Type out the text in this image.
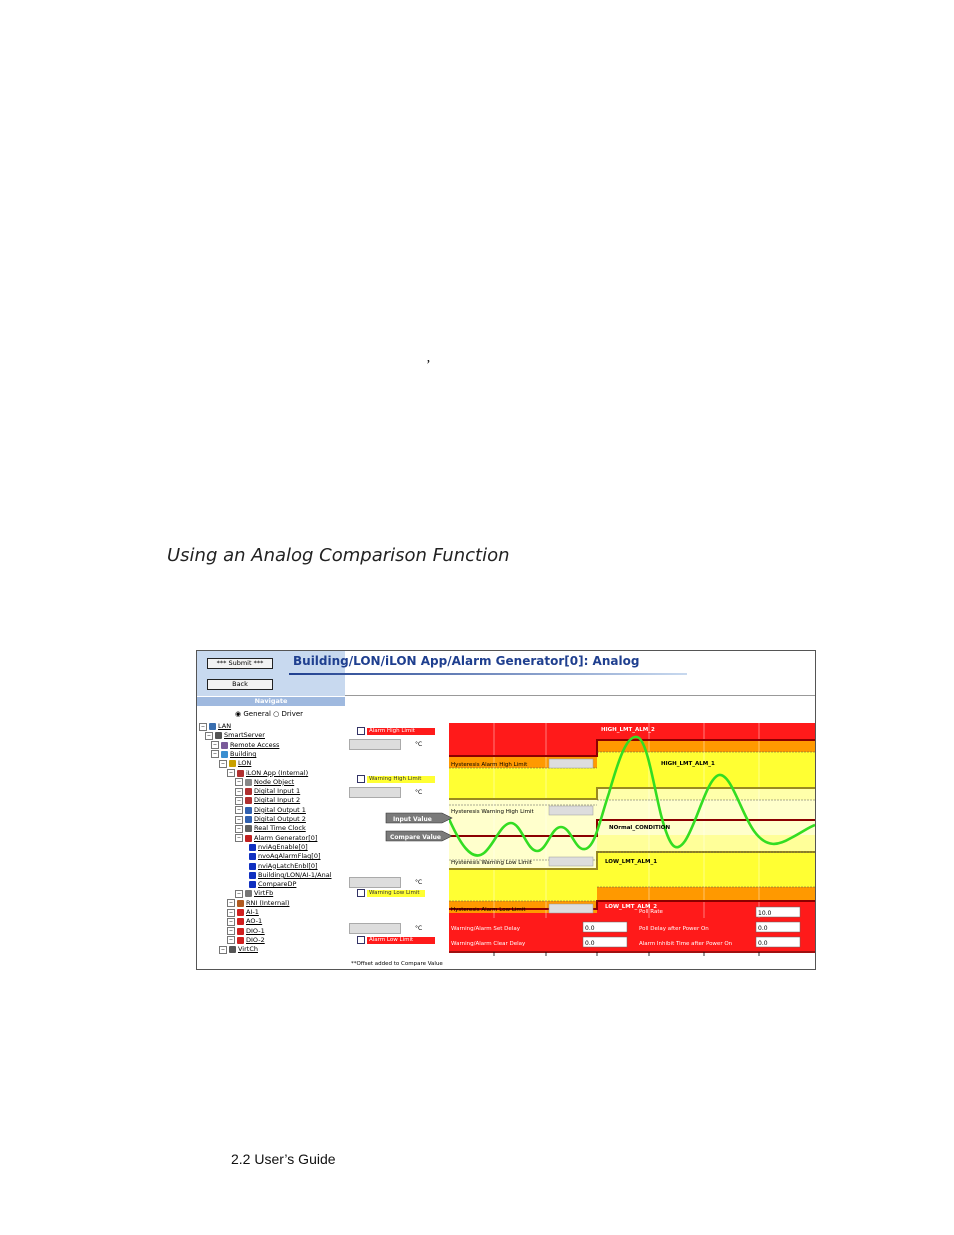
’
Using an Analog Comparison Function
*** Submit ***
Back
Navigate
◉ General ○ Driver
− LAN
− SmartServer
− Remote Access
− Building
− LON
− iLON App (Internal)
− Node Object
− Digital Input 1
− Digital Input 2
− Digital Output 1
− Digital Output 2
− Real Time Clock
− Alarm Generator[0]
nviAgEnable[0]
nvoAgAlarmFlag[0]
nviAgLatchEnbl[0]
Building/LON/AI-1/Anal
CompareDP
− VirtFb
− RNI (Internal)
− AI-1
− AO-1
− DIO-1
− DIO-2
− VirtCh
Building/LON/iLON App/Alarm Generator[0]: Analog
Alarm High Limit
°C
Warning High Limit
°C
°C
Warning Low Limit
°C
Alarm Low Limit
Hysteresis Alarm High Limit
Hysteresis Warning High Limit
Hysteresis Warning Low Limit
Hysteresis Alarm Low Limit
HIGH_LMT_ALM_2
HIGH_LMT_ALM_1
NOrmal_CONDITION
LOW_LMT_ALM_1
LOW_LMT_ALM_2
Warning/Alarm Set Delay
Warning/Alarm Clear Delay
Poll Rate
Poll Delay after Power On
Alarm Inhibit Time after Power On
0.0
0.0
10.0
0.0
0.0
Input Value
Compare Value
**Offset added to Compare Value
2.2 User’s Guide
